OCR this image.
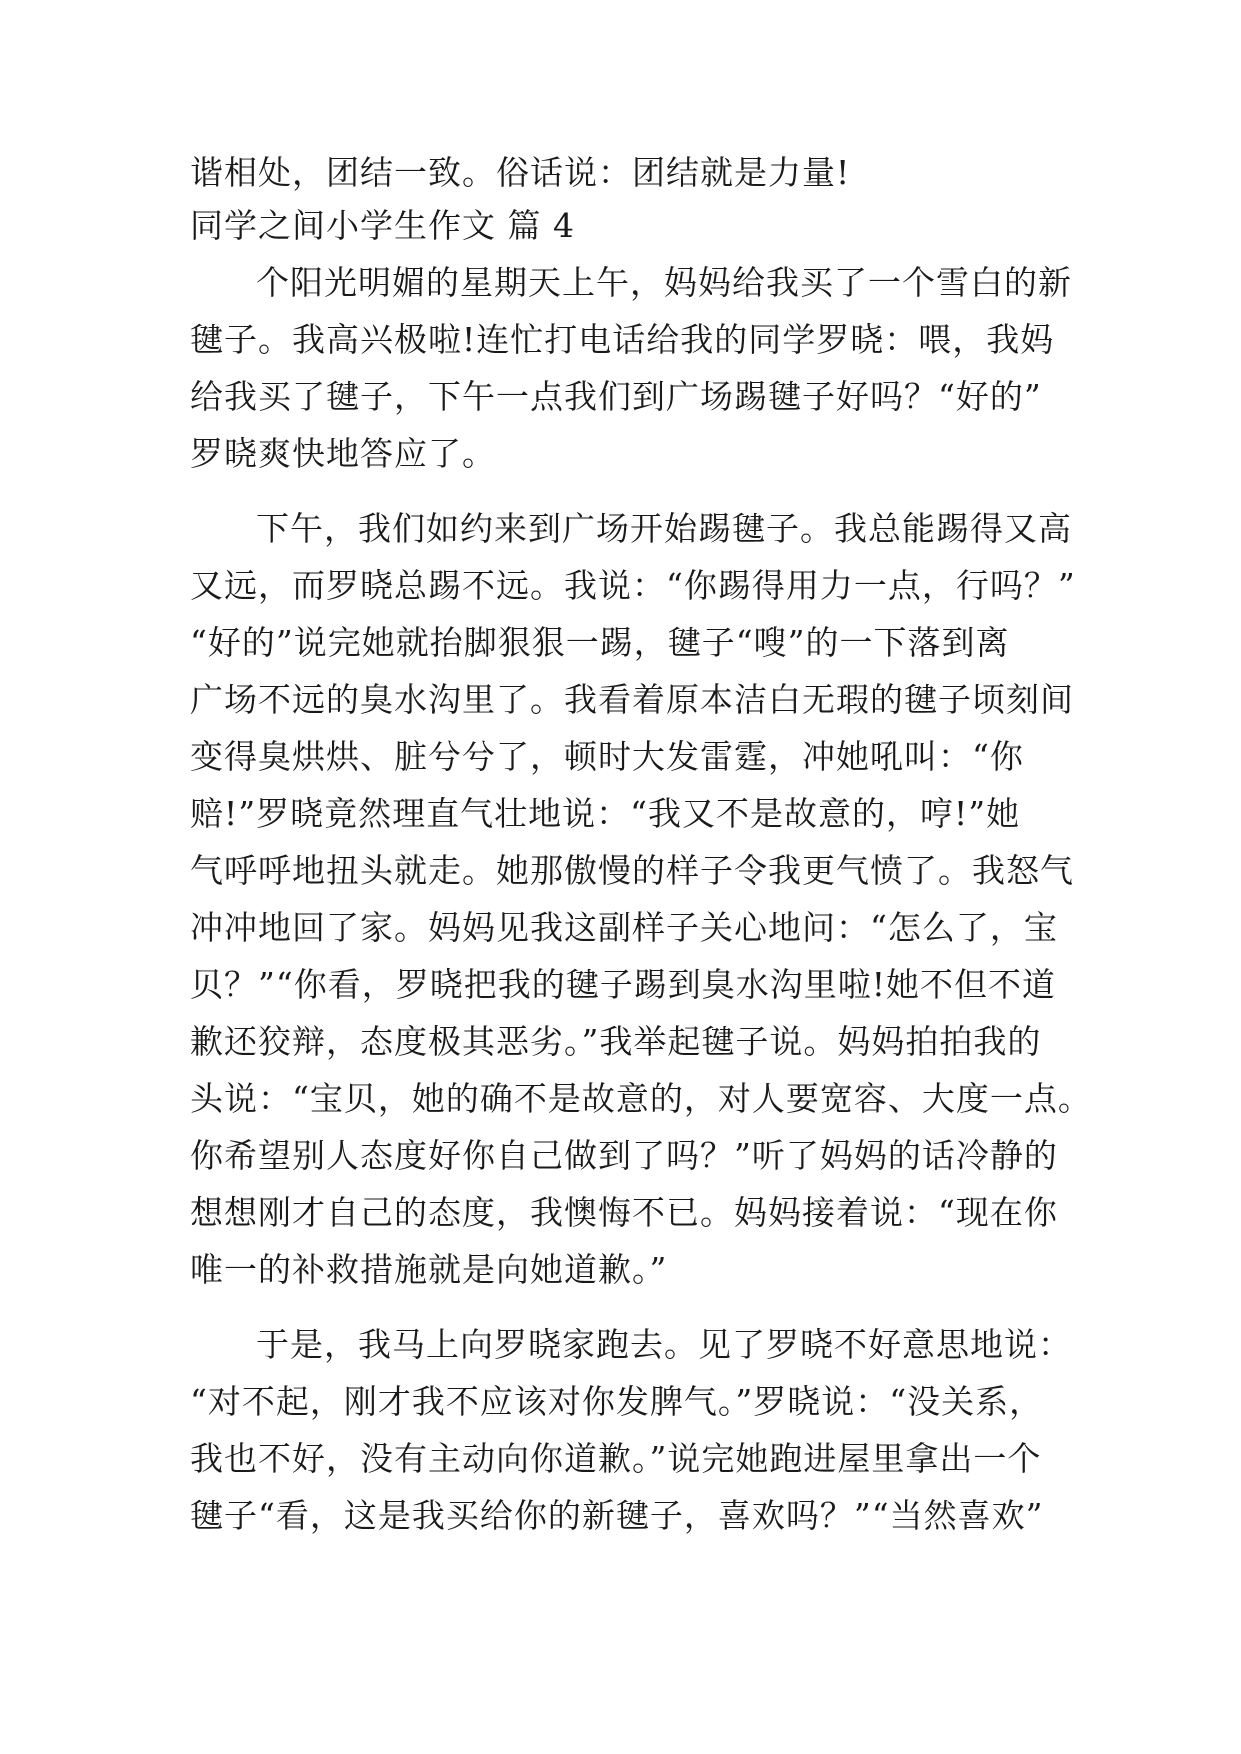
谐相处，团结一致。俗话说：团结就是力量!
同学之间小学生作文 篇 4
个阳光明媚的星期天上午，妈妈给我买了一个雪白的新
毽子。我高兴极啦!连忙打电话给我的同学罗晓：喂，我妈
给我买了毽子，下午一点我们到广场踢毽子好吗？“好的”
罗晓爽快地答应了。
下午，我们如约来到广场开始踢毽子。我总能踢得又高
又远，而罗晓总踢不远。我说：“你踢得用力一点，行吗？”
“好的”说完她就抬脚狠狠一踢，毽子“嗖”的一下落到离
广场不远的臭水沟里了。我看着原本洁白无瑕的毽子顷刻间
变得臭烘烘、脏兮兮了，顿时大发雷霆，冲她吼叫：“你
赔!”罗晓竟然理直气壮地说：“我又不是故意的，哼!”她
气呼呼地扭头就走。她那傲慢的样子令我更气愤了。我怒气
冲冲地回了家。妈妈见我这副样子关心地问：“怎么了，宝
贝？”“你看，罗晓把我的毽子踢到臭水沟里啦!她不但不道
歉还狡辩，态度极其恶劣。”我举起毽子说。妈妈拍拍我的
头说：“宝贝，她的确不是故意的，对人要宽容、大度一点。
你希望别人态度好你自己做到了吗？”听了妈妈的话冷静的
想想刚才自己的态度，我懊悔不已。妈妈接着说：“现在你
唯一的补救措施就是向她道歉。”
于是，我马上向罗晓家跑去。见了罗晓不好意思地说：
“对不起，刚才我不应该对你发脾气。”罗晓说：“没关系，
我也不好，没有主动向你道歉。”说完她跑进屋里拿出一个
毽子“看，这是我买给你的新毽子，喜欢吗？”“当然喜欢”
